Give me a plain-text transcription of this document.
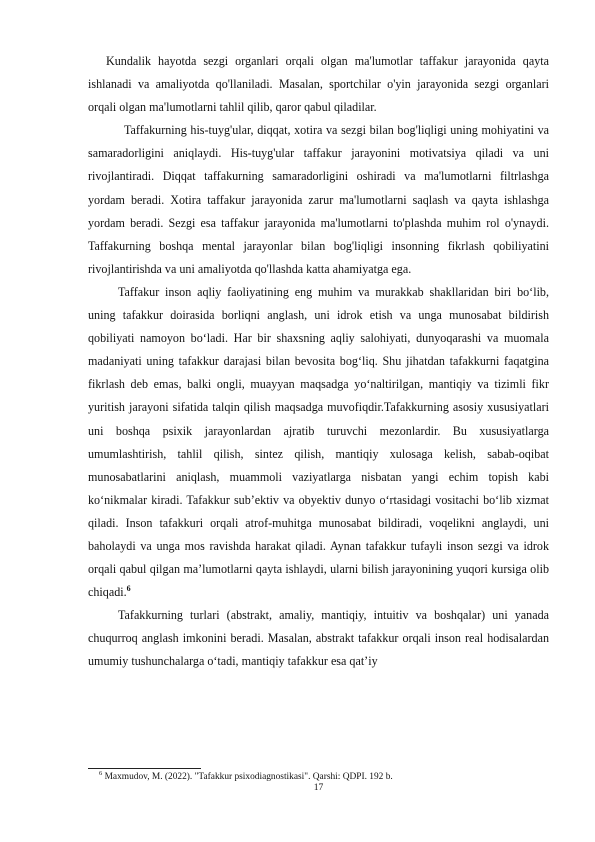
Kundalik hayotda sezgi organlari orqali olgan ma'lumotlar taffakur jarayonida qayta ishlanadi va amaliyotda qo'llaniladi. Masalan, sportchilar o'yin jarayonida sezgi organlari orqali olgan ma'lumotlarni tahlil qilib, qaror qabul qiladilar.

Taffakurning his-tuyg'ular, diqqat, xotira va sezgi bilan bog'liqligi uning mohiyatini va samaradorligini aniqlaydi. His-tuyg'ular taffakur jarayonini motivatsiya qiladi va uni rivojlantiradi. Diqqat taffakurning samaradorligini oshiradi va ma'lumotlarni filtrlashga yordam beradi. Xotira taffakur jarayonida zarur ma'lumotlarni saqlash va qayta ishlashga yordam beradi. Sezgi esa taffakur jarayonida ma'lumotlarni to'plashda muhim rol o'ynaydi. Taffakurning boshqa mental jarayonlar bilan bog'liqligi insonning fikrlash qobiliyatini rivojlantirishda va uni amaliyotda qo'llashda katta ahamiyatga ega.

Taffakur inson aqliy faoliyatining eng muhim va murakkab shakllaridan biri bo‘lib, uning tafakkur doirasida borliqni anglash, uni idrok etish va unga munosabat bildirish qobiliyati namoyon bo‘ladi. Har bir shaxsning aqliy salohiyati, dunyoqarashi va muomala madaniyati uning tafakkur darajasi bilan bevosita bog‘liq. Shu jihatdan tafakkurni faqatgina fikrlash deb emas, balki ongli, muayyan maqsadga yo‘naltirilgan, mantiqiy va tizimli fikr yuritish jarayoni sifatida talqin qilish maqsadga muvofiqdir.Tafakkurning asosiy xususiyatlari uni boshqa psixik jarayonlardan ajratib turuvchi mezonlardir. Bu xususiyatlarga umumlashtirish, tahlil qilish, sintez qilish, mantiqiy xulosaga kelish, sabab-oqibat munosabatlarini aniqlash, muammoli vaziyatlarga nisbatan yangi echim topish kabi ko‘nikmalar kiradi. Tafakkur sub’ektiv va obyektiv dunyo o‘rtasidagi vositachi bo‘lib xizmat qiladi. Inson tafakkuri orqali atrof-muhitga munosabat bildiradi, voqelikni anglaydi, uni baholaydi va unga mos ravishda harakat qiladi. Aynan tafakkur tufayli inson sezgi va idrok orqali qabul qilgan ma’lumotlarni qayta ishlaydi, ularni bilish jarayonining yuqori kursiga olib chiqadi.$^6$

Tafakkurning turlari (abstrakt, amaliy, mantiqiy, intuitiv va boshqalar) uni yanada chuqurroq anglash imkonini beradi. Masalan, abstrakt tafakkur orqali inson real hodisalardan umumiy tushunchalarga o‘tadi, mantiqiy tafakkur esa qat’iy

$^6$ Maxmudov, M. (2022). "Tafakkur psixodiagnostikasi". Qarshi: QDPI. 192 b.
17
